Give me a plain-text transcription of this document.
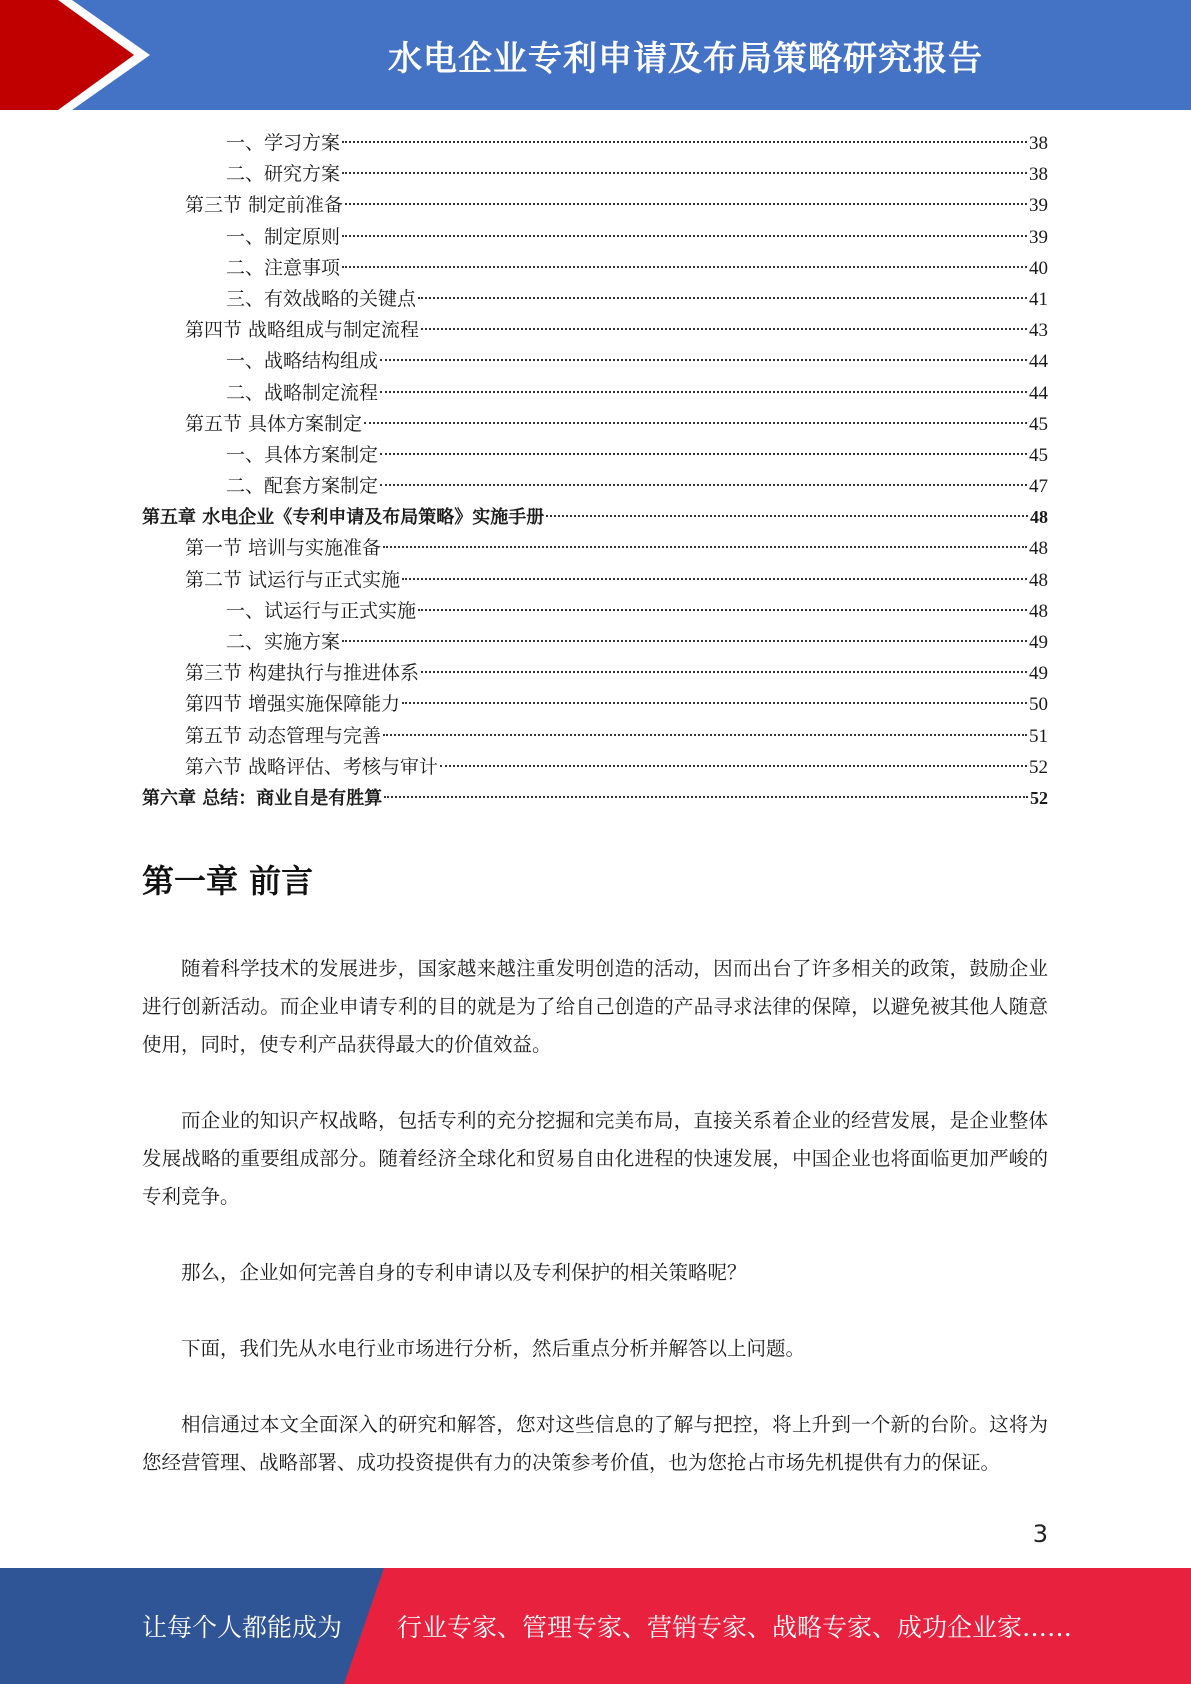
水电企业专利申请及布局策略研究报告
一、学习方案	38
二、研究方案	38
第三节 制定前准备	39
一、制定原则	39
二、注意事项	40
三、有效战略的关键点	41
第四节 战略组成与制定流程	43
一、战略结构组成	44
二、战略制定流程	44
第五节 具体方案制定	45
一、具体方案制定	45
二、配套方案制定	47
第五章 水电企业《专利申请及布局策略》实施手册	48
第一节 培训与实施准备	48
第二节 试运行与正式实施	48
一、试运行与正式实施	48
二、实施方案	49
第三节 构建执行与推进体系	49
第四节 增强实施保障能力	50
第五节 动态管理与完善	51
第六节 战略评估、考核与审计	52
第六章 总结：商业自是有胜算	52
第一章 前言

随着科学技术的发展进步，国家越来越注重发明创造的活动，因而出台了许多相关的政策，鼓励企业进行创新活动。而企业申请专利的目的就是为了给自己创造的产品寻求法律的保障，以避免被其他人随意使用，同时，使专利产品获得最大的价值效益。

而企业的知识产权战略，包括专利的充分挖掘和完美布局，直接关系着企业的经营发展，是企业整体发展战略的重要组成部分。随着经济全球化和贸易自由化进程的快速发展，中国企业也将面临更加严峻的专利竞争。

那么，企业如何完善自身的专利申请以及专利保护的相关策略呢？

下面，我们先从水电行业市场进行分析，然后重点分析并解答以上问题。

相信通过本文全面深入的研究和解答，您对这些信息的了解与把控，将上升到一个新的台阶。这将为您经营管理、战略部署、成功投资提供有力的决策参考价值，也为您抢占市场先机提供有力的保证。

3
让每个人都能成为 行业专家、管理专家、营销专家、战略专家、成功企业家……
